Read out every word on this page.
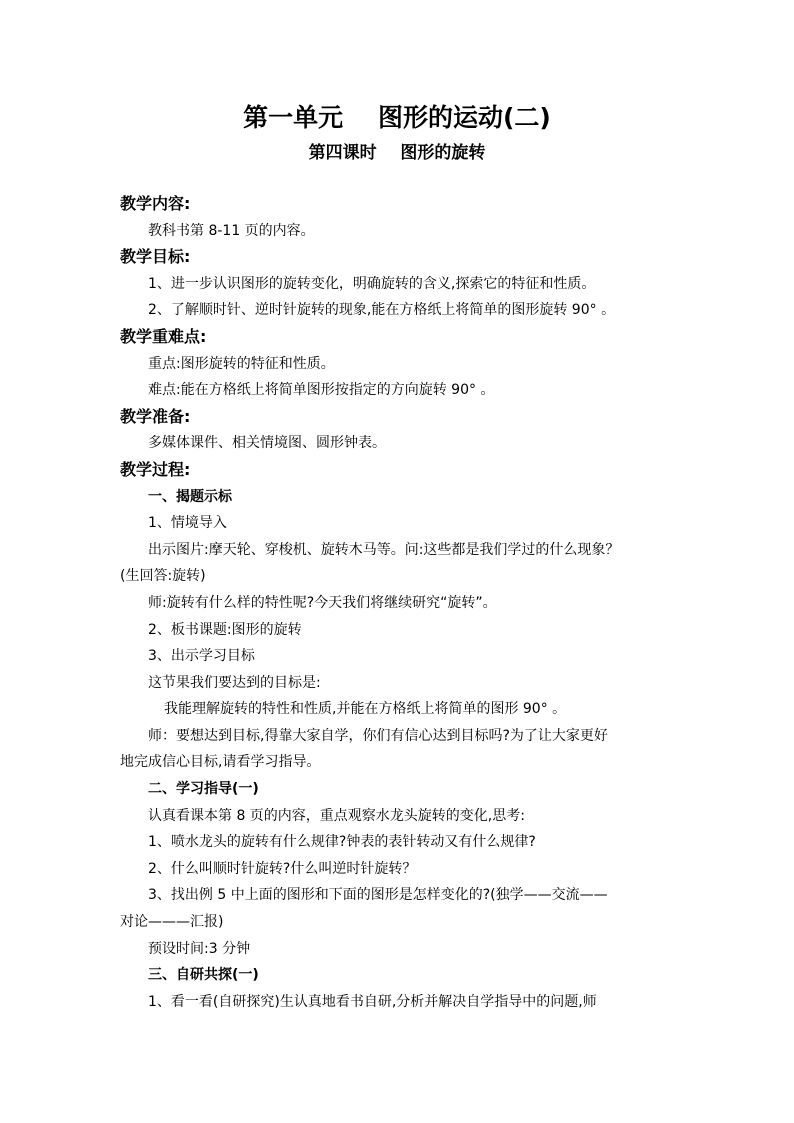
第一单元    图形的运动(二)
第四课时    图形的旋转
教学内容:
教科书第 8-11 页的内容。
教学目标:
1、进一步认识图形的旋转变化，明确旋转的含义,探索它的特征和性质。
2、了解顺时针、逆时针旋转的现象,能在方格纸上将简单的图形旋转 90° 。
教学重难点:
重点:图形旋转的特征和性质。
难点:能在方格纸上将简单图形按指定的方向旋转 90° 。
教学准备:
多媒体课件、相关情境图、圆形钟表。
教学过程:
一、揭题示标
1、情境导入
出示图片:摩天轮、穿梭机、旋转木马等。问:这些都是我们学过的什么现象？
(生回答:旋转)
师:旋转有什么样的特性呢?今天我们将继续研究“旋转”。
2、板书课题:图形的旋转
3、出示学习目标
这节果我们要达到的目标是:
我能理解旋转的特性和性质,并能在方格纸上将简单的图形 90° 。
师：要想达到目标,得靠大家自学，你们有信心达到目标吗?为了让大家更好
地完成信心目标,请看学习指导。
二、学习指导(一)
认真看课本第 8 页的内容，重点观察水龙头旋转的变化,思考:
1、喷水龙头的旋转有什么规律?钟表的表针转动又有什么规律?
2、什么叫顺时针旋转?什么叫逆时针旋转？
3、找出例 5 中上面的图形和下面的图形是怎样变化的?(独学——交流——
对论———汇报)
预设时间:3 分钟
三、自研共探(一)
1、看一看(自研探究)生认真地看书自研,分析并解决自学指导中的问题,师
